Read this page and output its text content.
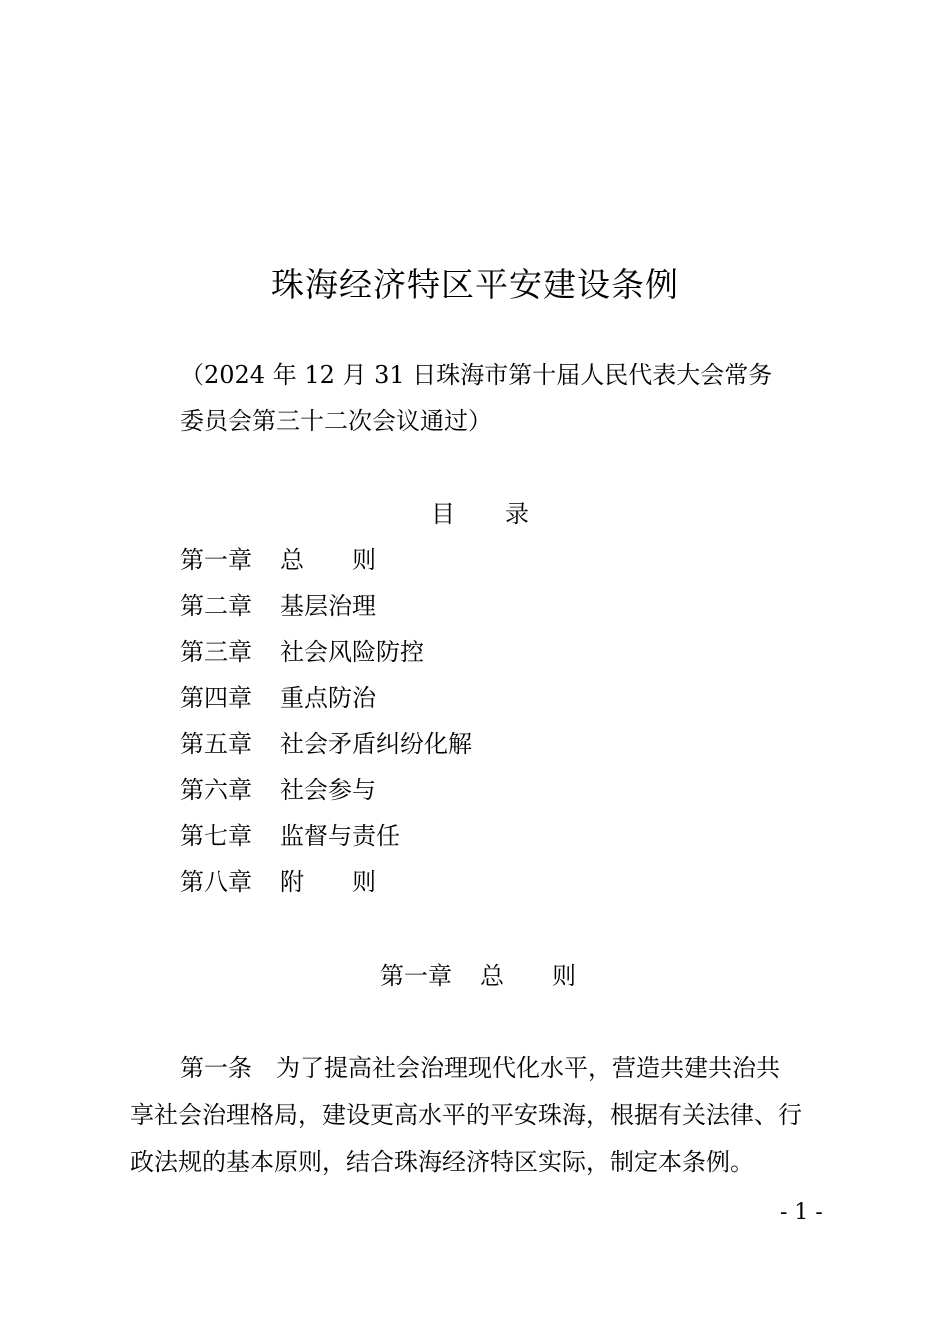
珠海经济特区平安建设条例
（2024 年 12 月 31 日珠海市第十届人民代表大会常务
委员会第三十二次会议通过）
目 录
第一章 总　　则
第二章 基层治理
第三章 社会风险防控
第四章 重点防治
第五章 社会矛盾纠纷化解
第六章 社会参与
第七章 监督与责任
第八章 附　　则
第一章 总　　则
第一条　为了提高社会治理现代化水平，营造共建共治共
享社会治理格局，建设更高水平的平安珠海，根据有关法律、行
政法规的基本原则，结合珠海经济特区实际，制定本条例。
- 1 -
